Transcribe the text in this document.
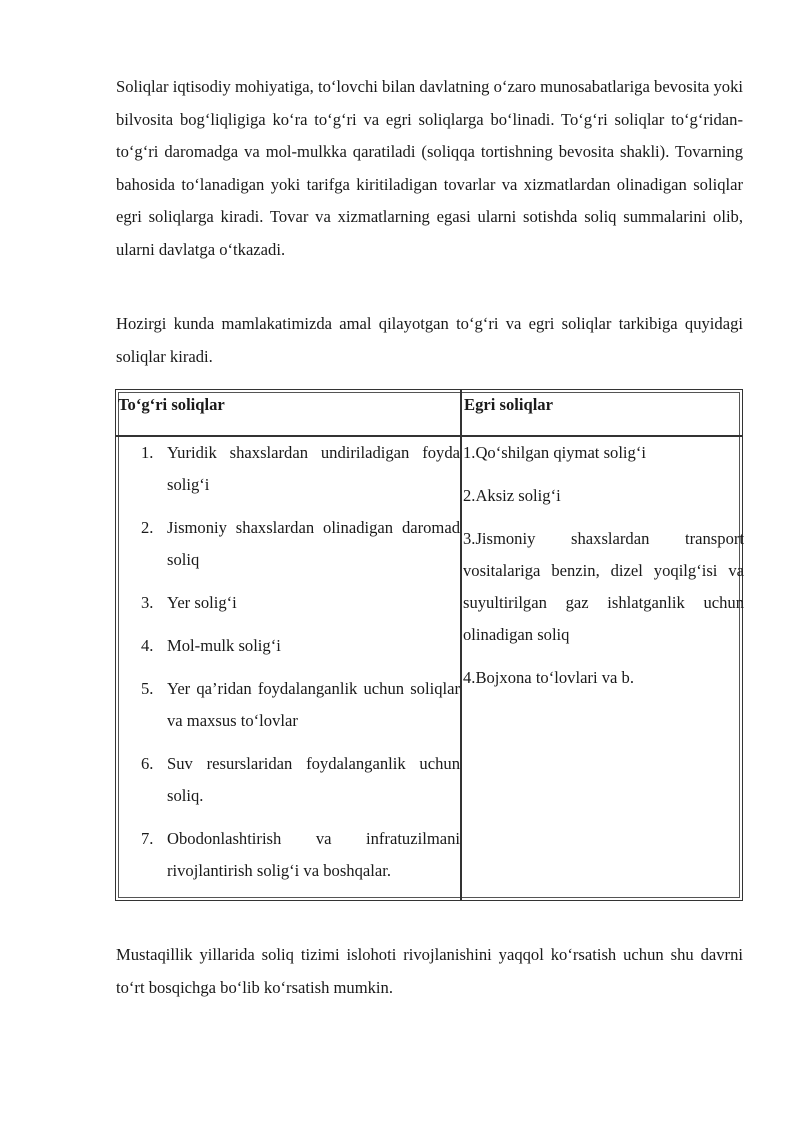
Soliqlar iqtisodiy mohiyatiga, to‘lovchi bilan davlatning o‘zaro munosabatlariga bevosita yoki bilvosita bog‘liqligiga ko‘ra to‘g‘ri va egri soliqlarga bo‘linadi. To‘g‘ri soliqlar to‘g‘ridan-to‘g‘ri daromadga va mol-mulkka qaratiladi (soliqqa tortishning bevosita shakli). Tovarning bahosida to‘lanadigan yoki tarifga kiritiladigan tovarlar va xizmatlardan olinadigan soliqlar egri soliqlarga kiradi. Tovar va xizmatlarning egasi ularni sotishda soliq summalarini olib, ularni davlatga o‘tkazadi.

Hozirgi kunda mamlakatimizda amal qilayotgan to‘g‘ri va egri soliqlar tarkibiga quyidagi soliqlar kiradi.

To‘g‘ri soliqlar	Egri soliqlar
1. Yuridik shaxslardan undiriladigan foyda solig‘i
2. Jismoniy shaxslardan olinadigan daromad soliq
3. Yer solig‘i
4. Mol-mulk solig‘i
5. Yer qa’ridan foydalanganlik uchun soliqlar va maxsus to‘lovlar
6. Suv resurslaridan foydalanganlik uchun soliq.
7. Obodonlashtirish va infratuzilmani rivojlantirish solig‘i va boshqalar.
1.Qo‘shilgan qiymat solig‘i
2.Aksiz solig‘i
3.Jismoniy shaxslardan transport vositalariga benzin, dizel yoqilg‘isi va suyultirilgan gaz ishlatganlik uchun olinadigan soliq
4.Bojxona to‘lovlari va b.

Mustaqillik yillarida soliq tizimi islohoti rivojlanishini yaqqol ko‘rsatish uchun shu davrni to‘rt bosqichga bo‘lib ko‘rsatish mumkin.
